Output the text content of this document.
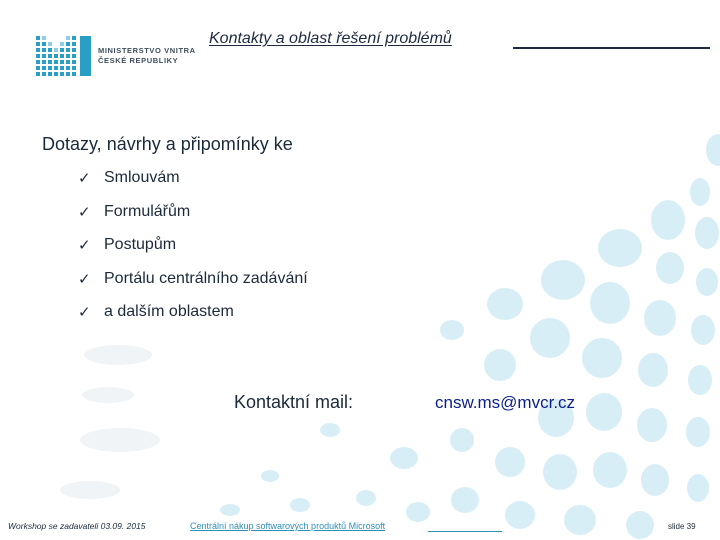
MINISTERSTVO VNITRA
ČESKÉ REPUBLIKY
Kontakty a oblast řešení problémů
Dotazy, návrhy a připomínky ke
✓ Smlouvám
✓ Formulářům
✓ Postupům
✓ Portálu centrálního zadávání
✓ a dalším oblastem
Kontaktní mail:	cnsw.ms@mvcr.cz
Workshop se zadavateli 03.09. 2015	Centrální nákup softwarových produktů Microsoft	slide 39
